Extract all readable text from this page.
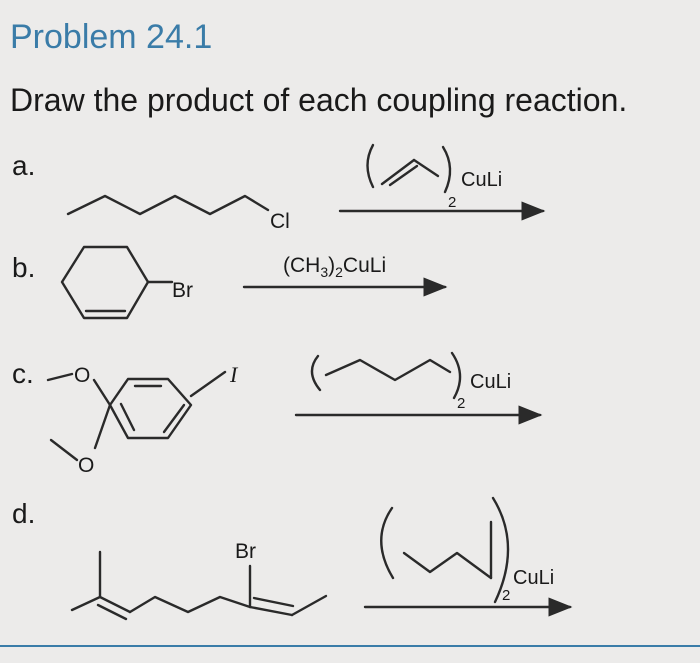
Problem 24.1
Draw the product of each coupling reaction.
a.
b.
c.
d.
Cl
2
CuLi
Br
$(CH_3)_2CuLi$
O
O
I
2
CuLi
Br
2
CuLi
